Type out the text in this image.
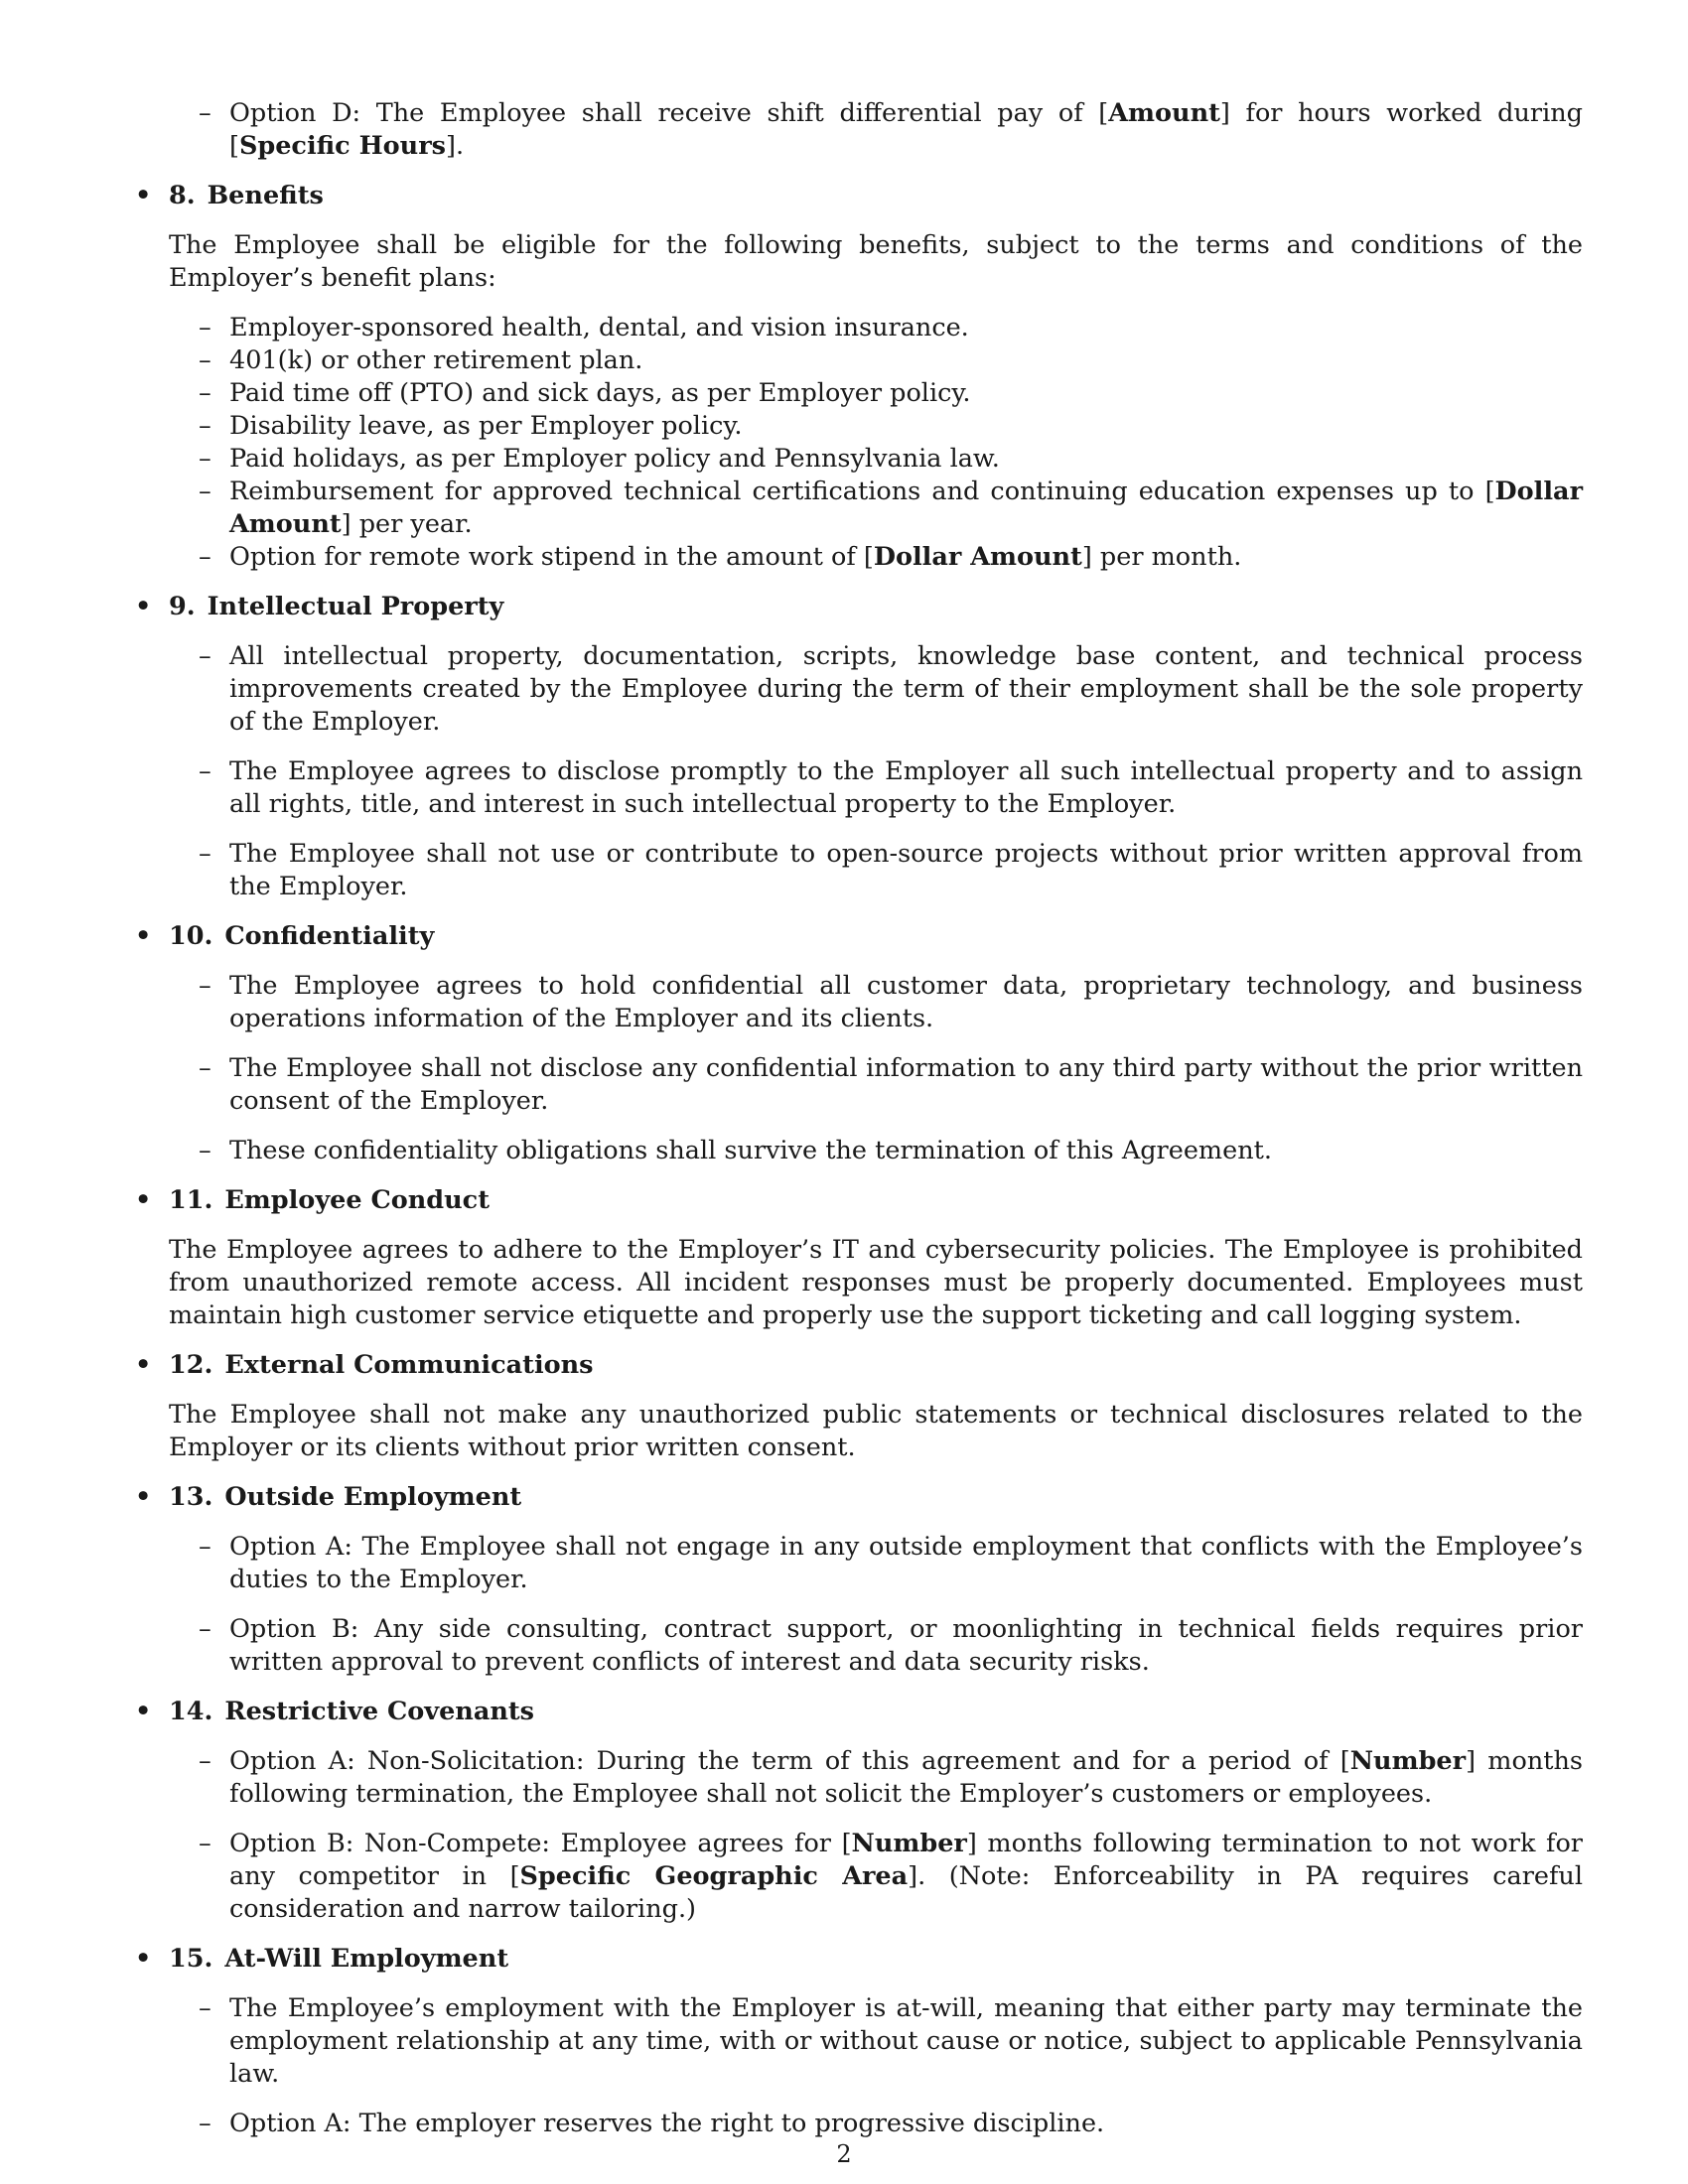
– Option D: The Employee shall receive shift differential pay of [Amount] for hours worked during [Specific Hours].
• 8. Benefits
The Employee shall be eligible for the following benefits, subject to the terms and conditions of the Employer’s benefit plans:
– Employer-sponsored health, dental, and vision insurance.
– 401(k) or other retirement plan.
– Paid time off (PTO) and sick days, as per Employer policy.
– Disability leave, as per Employer policy.
– Paid holidays, as per Employer policy and Pennsylvania law.
– Reimbursement for approved technical certifications and continuing education expenses up to [Dollar Amount] per year.
– Option for remote work stipend in the amount of [Dollar Amount] per month.
• 9. Intellectual Property
– All intellectual property, documentation, scripts, knowledge base content, and technical process improvements created by the Employee during the term of their employment shall be the sole property of the Employer.
– The Employee agrees to disclose promptly to the Employer all such intellectual property and to assign all rights, title, and interest in such intellectual property to the Employer.
– The Employee shall not use or contribute to open-source projects without prior written approval from the Employer.
• 10. Confidentiality
– The Employee agrees to hold confidential all customer data, proprietary technology, and business operations information of the Employer and its clients.
– The Employee shall not disclose any confidential information to any third party without the prior written consent of the Employer.
– These confidentiality obligations shall survive the termination of this Agreement.
• 11. Employee Conduct
The Employee agrees to adhere to the Employer’s IT and cybersecurity policies. The Employee is prohibited from unauthorized remote access. All incident responses must be properly documented. Employees must maintain high customer service etiquette and properly use the support ticketing and call logging system.
• 12. External Communications
The Employee shall not make any unauthorized public statements or technical disclosures related to the Employer or its clients without prior written consent.
• 13. Outside Employment
– Option A: The Employee shall not engage in any outside employment that conflicts with the Employee’s duties to the Employer.
– Option B: Any side consulting, contract support, or moonlighting in technical fields requires prior written approval to prevent conflicts of interest and data security risks.
• 14. Restrictive Covenants
– Option A: Non-Solicitation: During the term of this agreement and for a period of [Number] months following termination, the Employee shall not solicit the Employer’s customers or employees.
– Option B: Non-Compete: Employee agrees for [Number] months following termination to not work for any competitor in [Specific Geographic Area]. (Note: Enforceability in PA requires careful consideration and narrow tailoring.)
• 15. At-Will Employment
– The Employee’s employment with the Employer is at-will, meaning that either party may terminate the employment relationship at any time, with or without cause or notice, subject to applicable Pennsylvania law.
– Option A: The employer reserves the right to progressive discipline.
2
